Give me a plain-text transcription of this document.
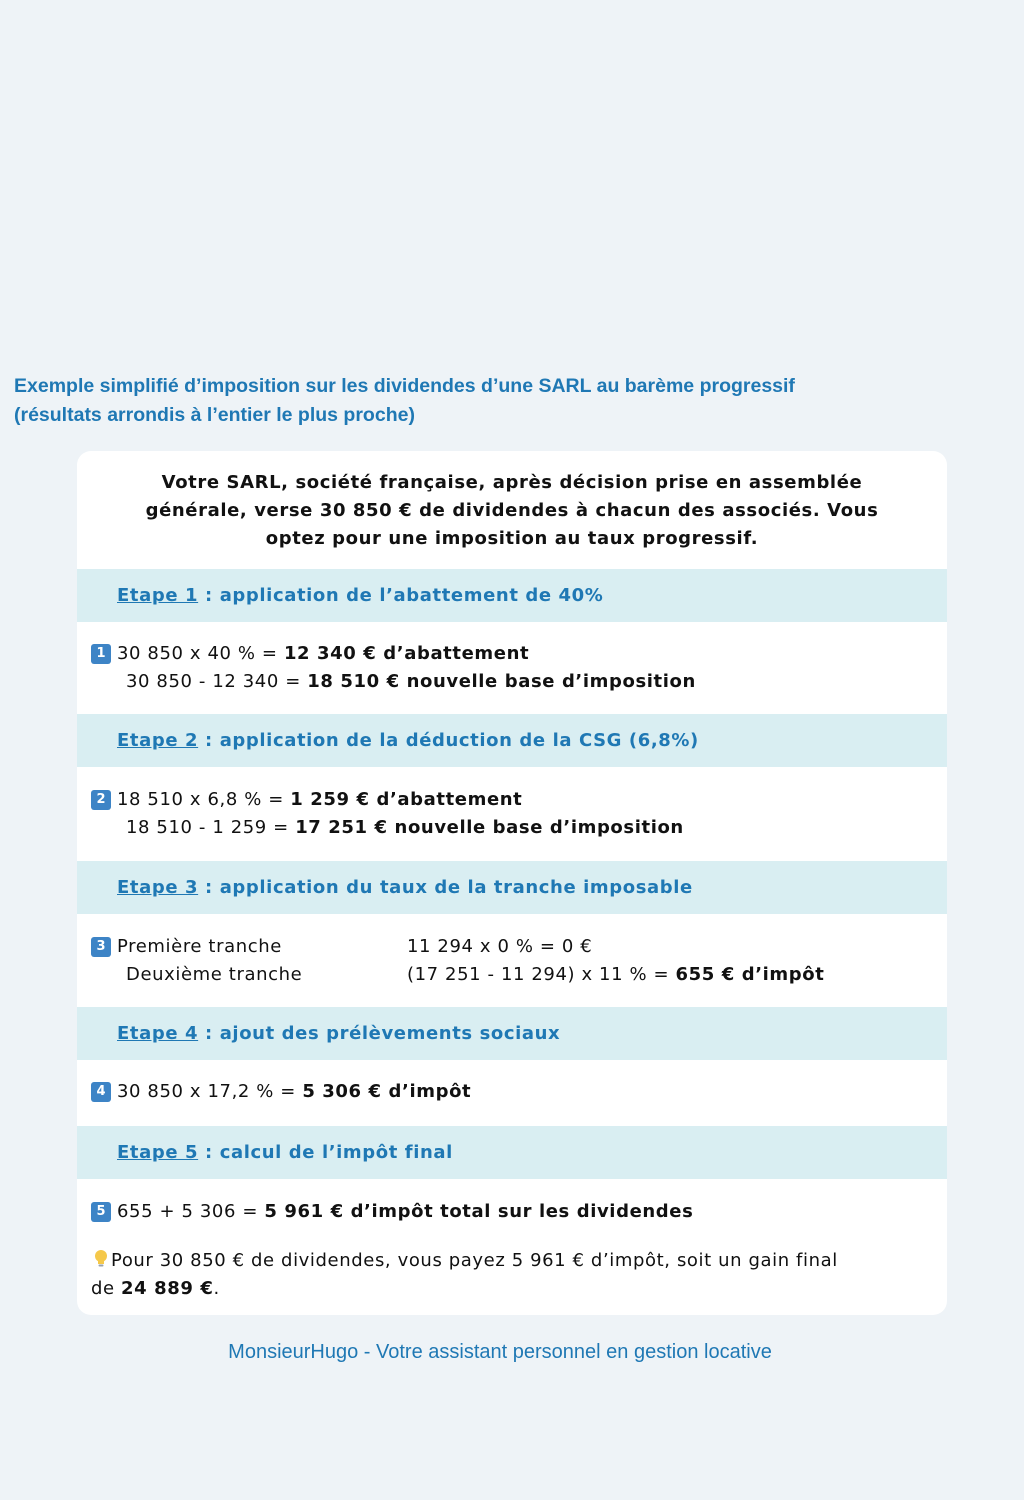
Exemple simplifié d’imposition sur les dividendes d’une SARL au barème progressif
(résultats arrondis à l’entier le plus proche)
Votre SARL, société française, après décision prise en assemblée
générale, verse 30 850 € de dividendes à chacun des associés. Vous
optez pour une imposition au taux progressif.
Etape 1 : application de l’abattement de 40%
1 30 850 x 40 % = 12 340 € d’abattement
30 850 - 12 340 = 18 510 € nouvelle base d’imposition
Etape 2 : application de la déduction de la CSG (6,8%)
2 18 510 x 6,8 % = 1 259 € d’abattement
18 510 - 1 259 = 17 251 € nouvelle base d’imposition
Etape 3 : application du taux de la tranche imposable
3 Première tranche	11 294 x 0 % = 0 €
Deuxième tranche	(17 251 - 11 294) x 11 % = 655 € d’impôt
Etape 4 : ajout des prélèvements sociaux
4 30 850 x 17,2 % = 5 306 € d’impôt
Etape 5 : calcul de l’impôt final
5 655 + 5 306 = 5 961 € d’impôt total sur les dividendes
Pour 30 850 € de dividendes, vous payez 5 961 € d’impôt, soit un gain final
de 24 889 €.
MonsieurHugo - Votre assistant personnel en gestion locative
